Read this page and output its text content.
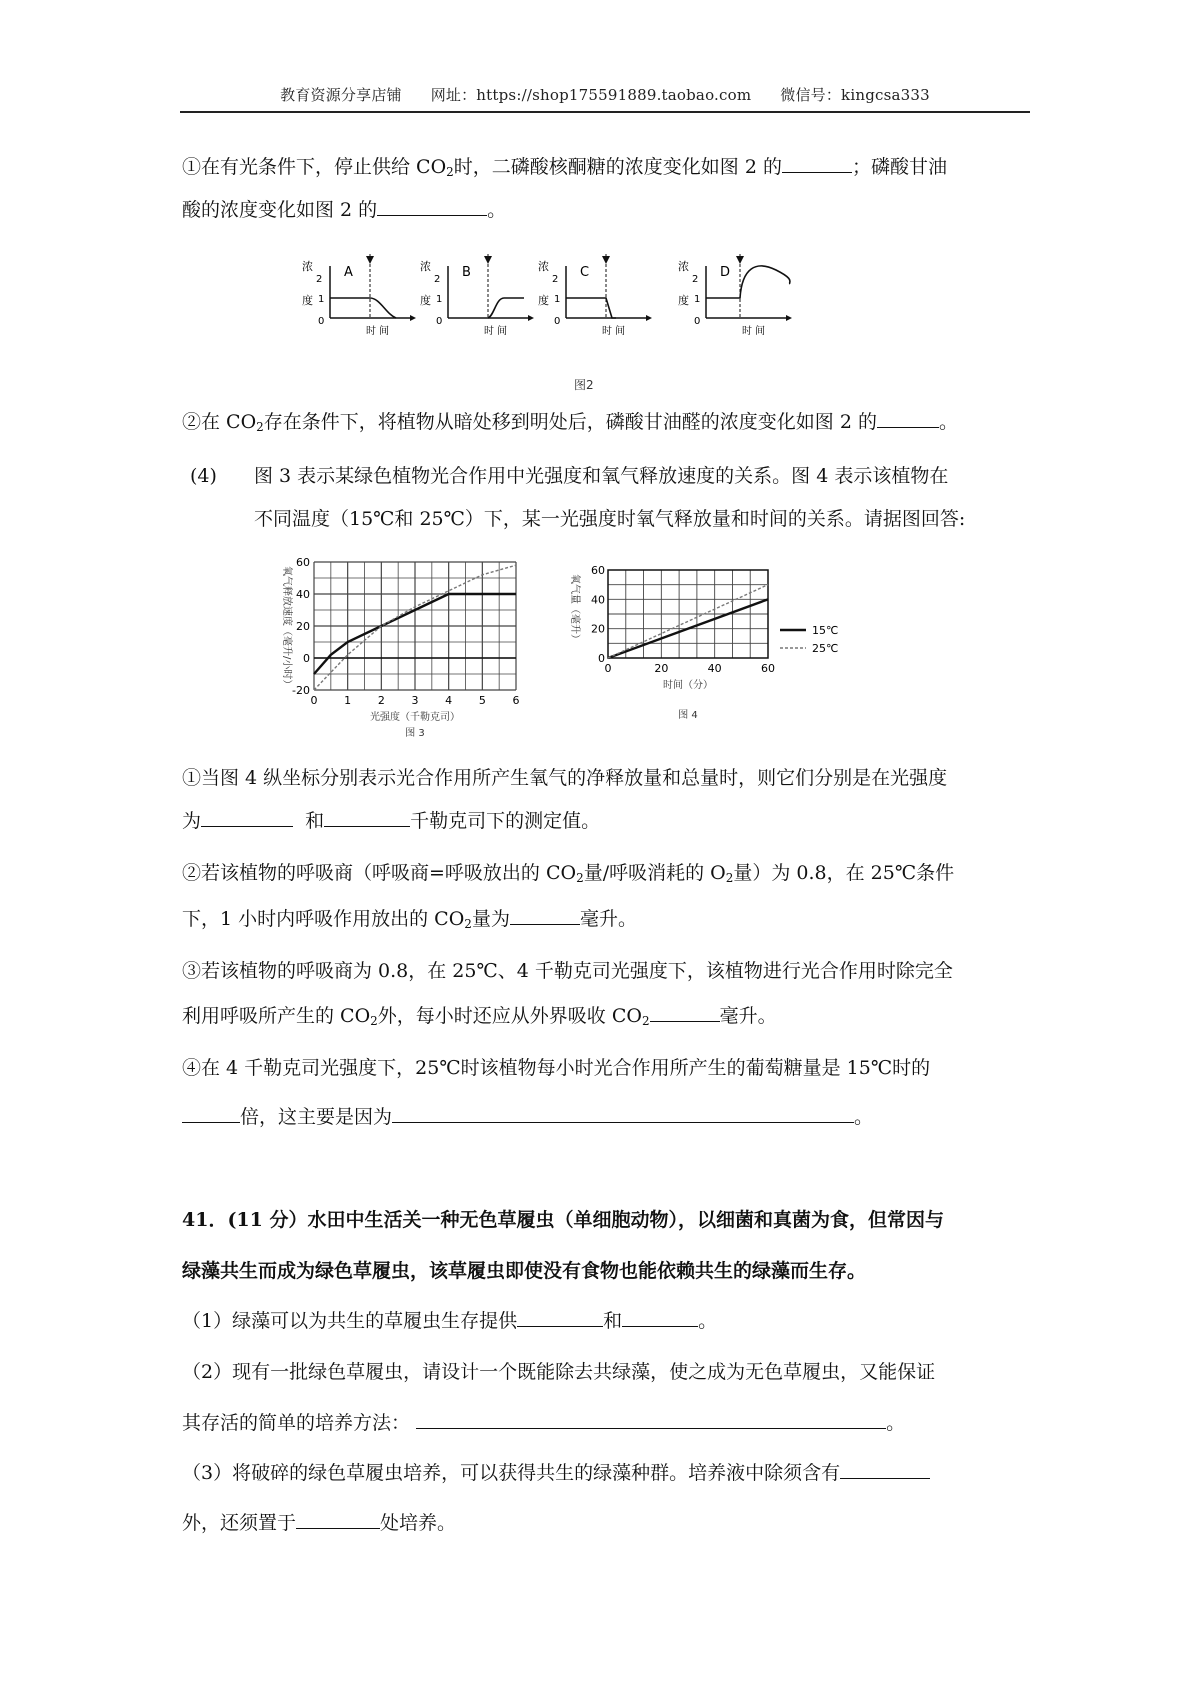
教育资源分享店铺 网址：https://shop175591889.taobao.com 微信号：kingcsa333

①在有光条件下，停止供给 $CO_2$时，二磷酸核酮糖的浓度变化如图 2 的	；磷酸甘油

酸的浓度变化如图 2 的	。

浓
度
2
1
0
A
时 间
浓
度
2
1
0
B
时 间
浓
度
2
1
0
C
时 间
浓
度
2
1
0
D
时 间
图2

②在 $CO_2$存在条件下，将植物从暗处移到明处后，磷酸甘油醛的浓度变化如图 2 的	。

(4) 图 3 表示某绿色植物光合作用中光强度和氧气释放速度的关系。图 4 表示该植物在

不同温度（15℃和 25℃）下，某一光强度时氧气释放量和时间的关系。请据图回答:

60
40
20
0
-20
0 1 2 3 4 5 6
氧气释放速度（毫升/小时）
光强度（千勒克司）
图 3
60
40
20
0
0	20	40	60
氧气量（毫升）
时间（分）
图 4
15℃
25℃

①当图 4 纵坐标分别表示光合作用所产生氧气的净释放量和总量时，则它们分别是在光强度

为	和	千勒克司下的测定值。

②若该植物的呼吸商（呼吸商=呼吸放出的 $CO_2$量/呼吸消耗的 $O_2$量）为 0.8，在 25℃条件

下，1 小时内呼吸作用放出的 $CO_2$量为	毫升。

③若该植物的呼吸商为 0.8，在 25℃、4 千勒克司光强度下，该植物进行光合作用时除完全

利用呼吸所产生的 $CO_2$外，每小时还应从外界吸收 $CO_2$	毫升。

④在 4 千勒克司光强度下，25℃时该植物每小时光合作用所产生的葡萄糖量是 15℃时的

倍，这主要是因为	。

41．(11 分）水田中生活关一种无色草履虫（单细胞动物），以细菌和真菌为食，但常因与

绿藻共生而成为绿色草履虫，该草履虫即使没有食物也能依赖共生的绿藻而生存。

（1）绿藻可以为共生的草履虫生存提供	和	。

（2）现有一批绿色草履虫，请设计一个既能除去共绿藻，使之成为无色草履虫，又能保证

其存活的简单的培养方法：	。

（3）将破碎的绿色草履虫培养，可以获得共生的绿藻种群。培养液中除须含有

外，还须置于	处培养。
